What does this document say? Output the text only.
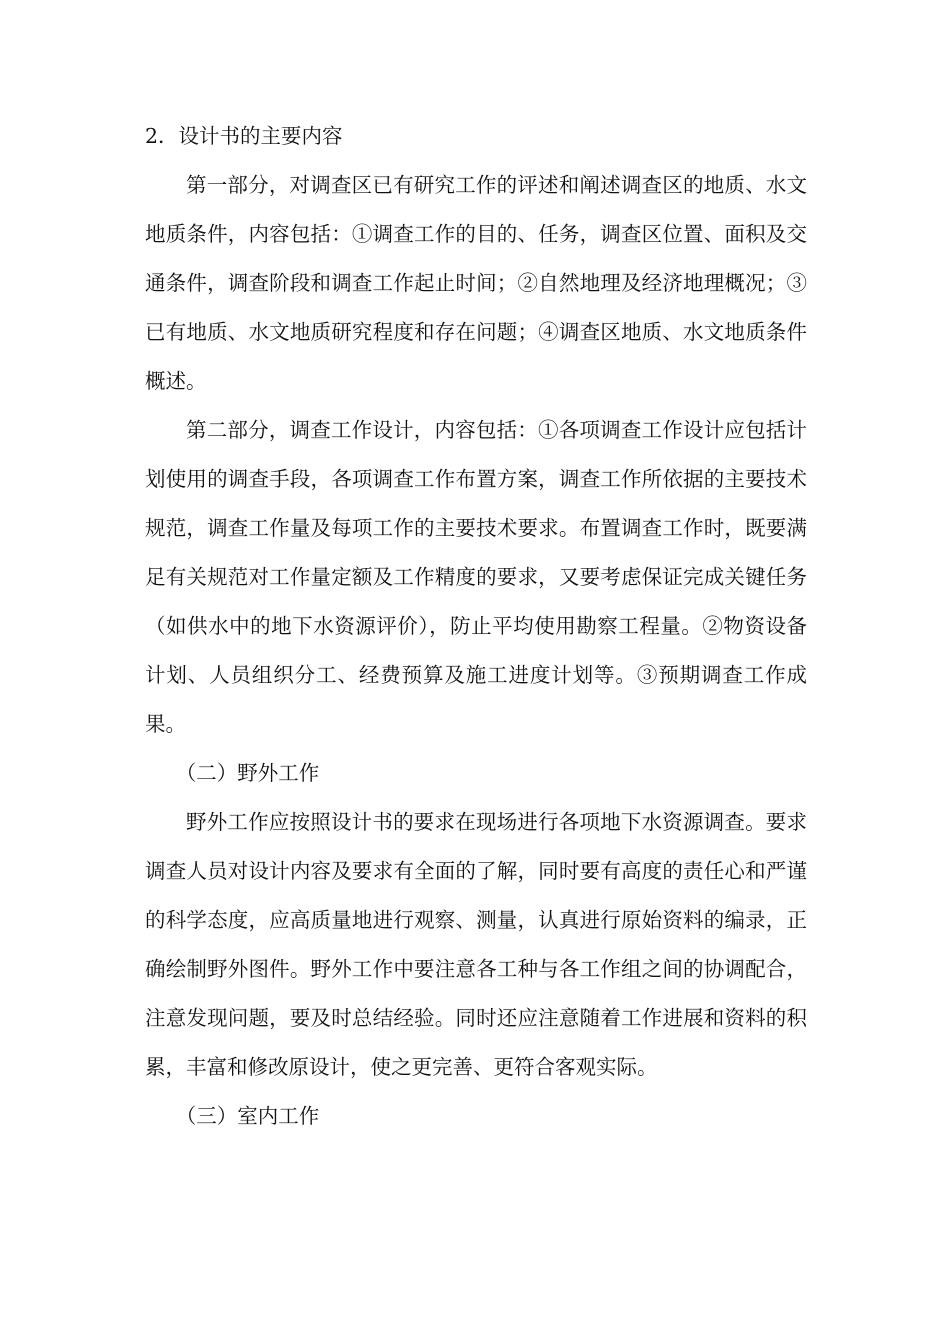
2．设计书的主要内容

第一部分，对调查区已有研究工作的评述和阐述调查区的地质、水文地质条件，内容包括：①调查工作的目的、任务，调查区位置、面积及交通条件，调查阶段和调查工作起止时间；②自然地理及经济地理概况；③已有地质、水文地质研究程度和存在问题；④调查区地质、水文地质条件概述。

第二部分，调查工作设计，内容包括：①各项调查工作设计应包括计划使用的调查手段，各项调查工作布置方案，调查工作所依据的主要技术规范，调查工作量及每项工作的主要技术要求。布置调查工作时，既要满足有关规范对工作量定额及工作精度的要求，又要考虑保证完成关键任务（如供水中的地下水资源评价），防止平均使用勘察工程量。②物资设备计划、人员组织分工、经费预算及施工进度计划等。③预期调查工作成果。

（二）野外工作

野外工作应按照设计书的要求在现场进行各项地下水资源调查。要求调查人员对设计内容及要求有全面的了解，同时要有高度的责任心和严谨的科学态度，应高质量地进行观察、测量，认真进行原始资料的编录，正确绘制野外图件。野外工作中要注意各工种与各工作组之间的协调配合，注意发现问题，要及时总结经验。同时还应注意随着工作进展和资料的积累，丰富和修改原设计，使之更完善、更符合客观实际。

（三）室内工作
